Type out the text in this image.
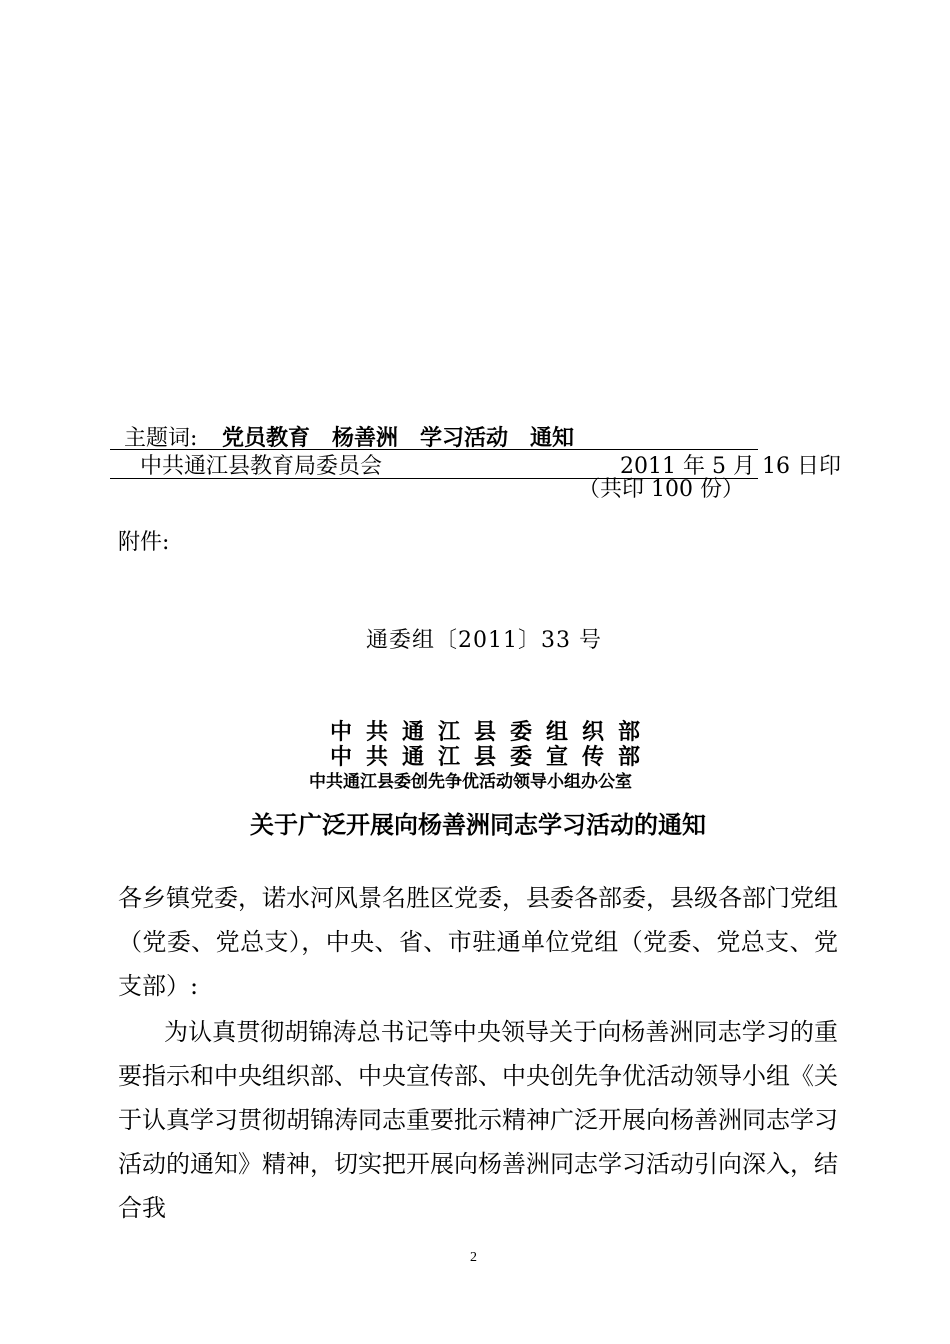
主题词: 党员教育　杨善洲　学习活动　通知
中共通江县教育局委员会	2011 年 5 月 16 日印
（共印 100 份）
附件:
通委组〔2011〕33 号
中共通江县委组织部
中共通江县委宣传部
中共通江县委创先争优活动领导小组办公室
关于广泛开展向杨善洲同志学习活动的通知
各乡镇党委，诺水河风景名胜区党委，县委各部委，县级各部门党组（党委、党总支），中央、省、市驻通单位党组（党委、党总支、党支部）:
为认真贯彻胡锦涛总书记等中央领导关于向杨善洲同志学习的重要指示和中央组织部、中央宣传部、中央创先争优活动领导小组《关于认真学习贯彻胡锦涛同志重要批示精神广泛开展向杨善洲同志学习活动的通知》精神，切实把开展向杨善洲同志学习活动引向深入，结合我
2
